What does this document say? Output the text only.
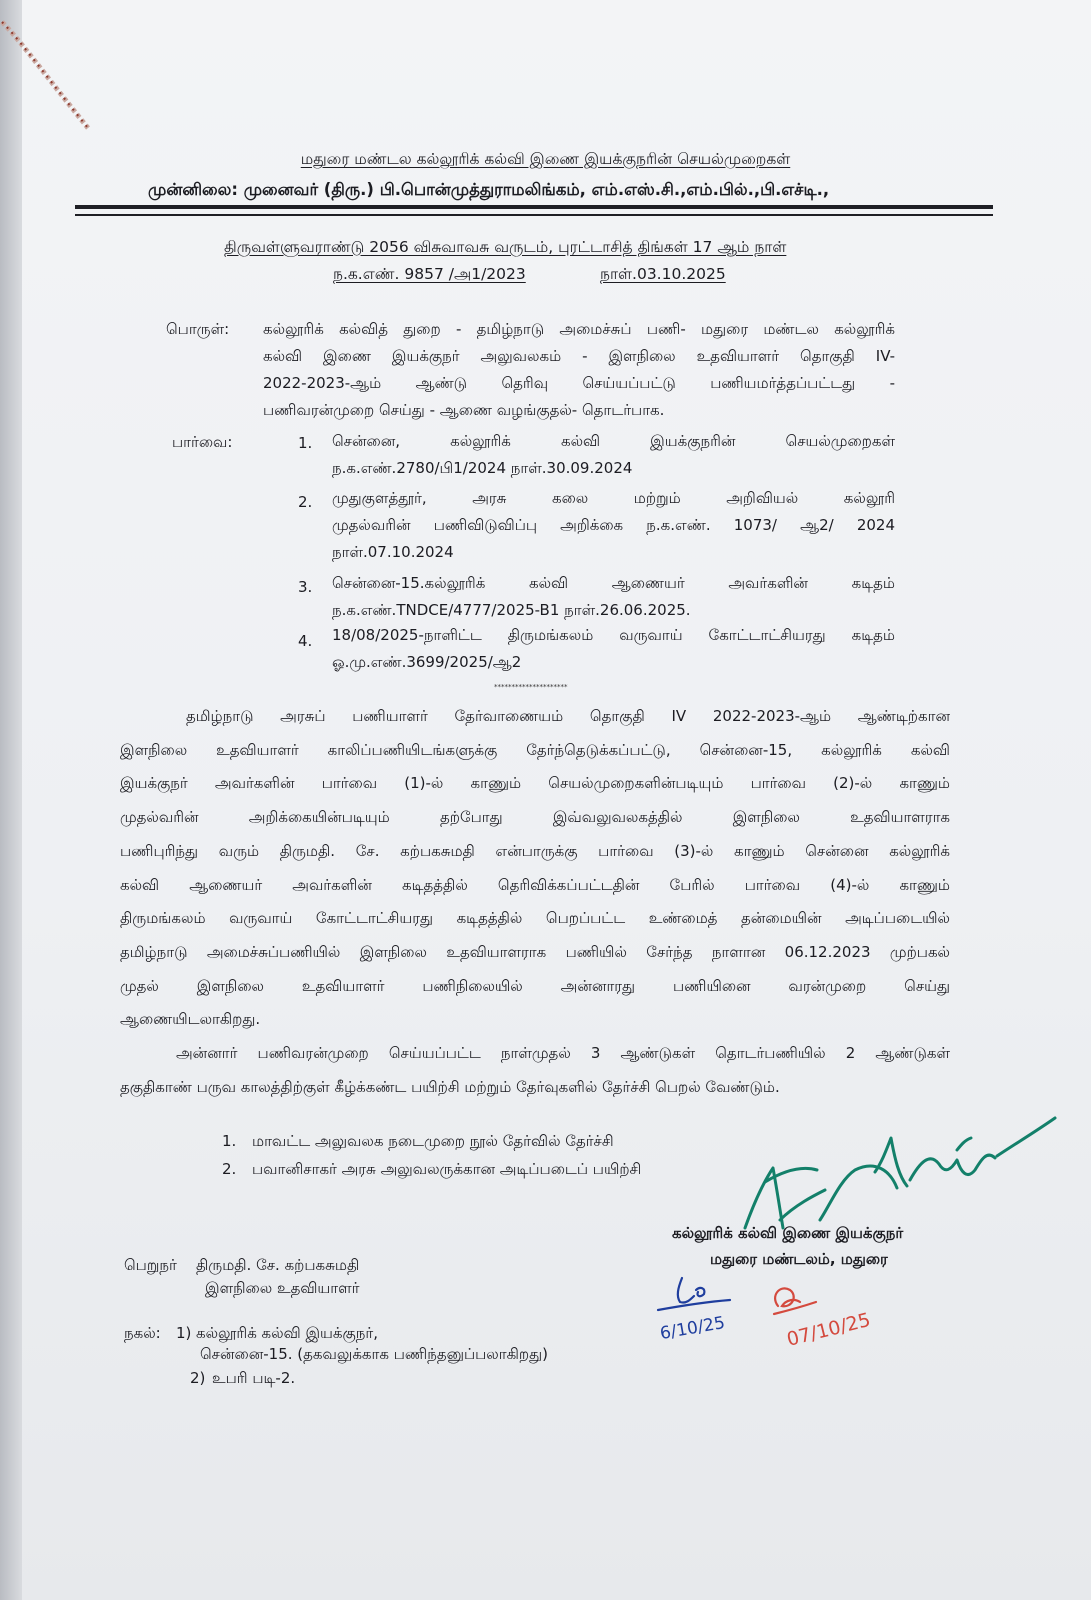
மதுரை மண்டல கல்லூரிக் கல்வி இணை இயக்குநரின் செயல்முறைகள்
முன்னிலை: முனைவர் (திரு.) பி.பொன்முத்துராமலிங்கம், எம்.எஸ்.சி.,எம்.பில்.,பி.எச்டி.,
திருவள்ளுவராண்டு 2056 விசுவாவசு வருடம், புரட்டாசித் திங்கள் 17 ஆம் நாள்
ந.க.எண். 9857 /அ1/2023	நாள்.03.10.2025
பொருள்: கல்லூரிக் கல்வித் துறை - தமிழ்நாடு அமைச்சுப் பணி- மதுரை மண்டல கல்லூரிக்
கல்வி இணை இயக்குநர் அலுவலகம் - இளநிலை உதவியாளர் தொகுதி IV-
2022-2023-ஆம் ஆண்டு தெரிவு செய்யப்பட்டு பணியமர்த்தப்பட்டது -
பணிவரன்முறை செய்து - ஆணை வழங்குதல்- தொடர்பாக.
பார்வை:	1. சென்னை, கல்லூரிக் கல்வி இயக்குநரின் செயல்முறைகள்
ந.க.எண்.2780/பி1/2024 நாள்.30.09.2024
2. முதுகுளத்தூர், அரசு கலை மற்றும் அறிவியல் கல்லூரி
முதல்வரின் பணிவிடுவிப்பு அறிக்கை ந.க.எண். 1073/ ஆ2/ 2024
நாள்.07.10.2024
3. சென்னை-15.கல்லூரிக் கல்வி ஆணையர் அவர்களின் கடிதம்
ந.க.எண்.TNDCE/4777/2025-B1 நாள்.26.06.2025.
4. 18/08/2025-நாளிட்ட திருமங்கலம் வருவாய் கோட்டாட்சியரது கடிதம்
ஓ.மு.எண்.3699/2025/ஆ2
*********************
தமிழ்நாடு அரசுப் பணியாளர் தேர்வாணையம் தொகுதி IV 2022-2023-ஆம் ஆண்டிற்கான
இளநிலை உதவியாளர் காலிப்பணியிடங்களுக்கு தேர்ந்தெடுக்கப்பட்டு, சென்னை-15, கல்லூரிக் கல்வி
இயக்குநர் அவர்களின் பார்வை (1)-ல் காணும் செயல்முறைகளின்படியும் பார்வை (2)-ல் காணும்
முதல்வரின் அறிக்கையின்படியும் தற்போது இவ்வலுவலகத்தில் இளநிலை உதவியாளராக
பணிபுரிந்து வரும் திருமதி. சே. கற்பகசுமதி என்பாருக்கு பார்வை (3)-ல் காணும் சென்னை கல்லூரிக்
கல்வி ஆணையர் அவர்களின் கடிதத்தில் தெரிவிக்கப்பட்டதின் பேரில் பார்வை (4)-ல் காணும்
திருமங்கலம் வருவாய் கோட்டாட்சியரது கடிதத்தில் பெறப்பட்ட உண்மைத் தன்மையின் அடிப்படையில்
தமிழ்நாடு அமைச்சுப்பணியில் இளநிலை உதவியாளராக பணியில் சேர்ந்த நாளான 06.12.2023 முற்பகல்
முதல் இளநிலை உதவியாளர் பணிநிலையில் அன்னாரது பணியினை வரன்முறை செய்து
ஆணையிடலாகிறது.
அன்னார் பணிவரன்முறை செய்யப்பட்ட நாள்முதல் 3 ஆண்டுகள் தொடர்பணியில் 2 ஆண்டுகள்
தகுதிகாண் பருவ காலத்திற்குள் கீழ்க்கண்ட பயிற்சி மற்றும் தேர்வுகளில் தேர்ச்சி பெறல் வேண்டும்.
1. மாவட்ட அலுவலக நடைமுறை நூல் தேர்வில் தேர்ச்சி
2. பவானிசாகர் அரசு அலுவலருக்கான அடிப்படைப் பயிற்சி
கல்லூரிக் கல்வி இணை இயக்குநர்
மதுரை மண்டலம், மதுரை
பெறுநர் திருமதி. சே. கற்பகசுமதி
இளநிலை உதவியாளர்
6/10/25	07/10/25
நகல்: 1) கல்லூரிக் கல்வி இயக்குநர்,
சென்னை-15. (தகவலுக்காக பணிந்தனுப்பலாகிறது)
2) உபரி படி-2.
